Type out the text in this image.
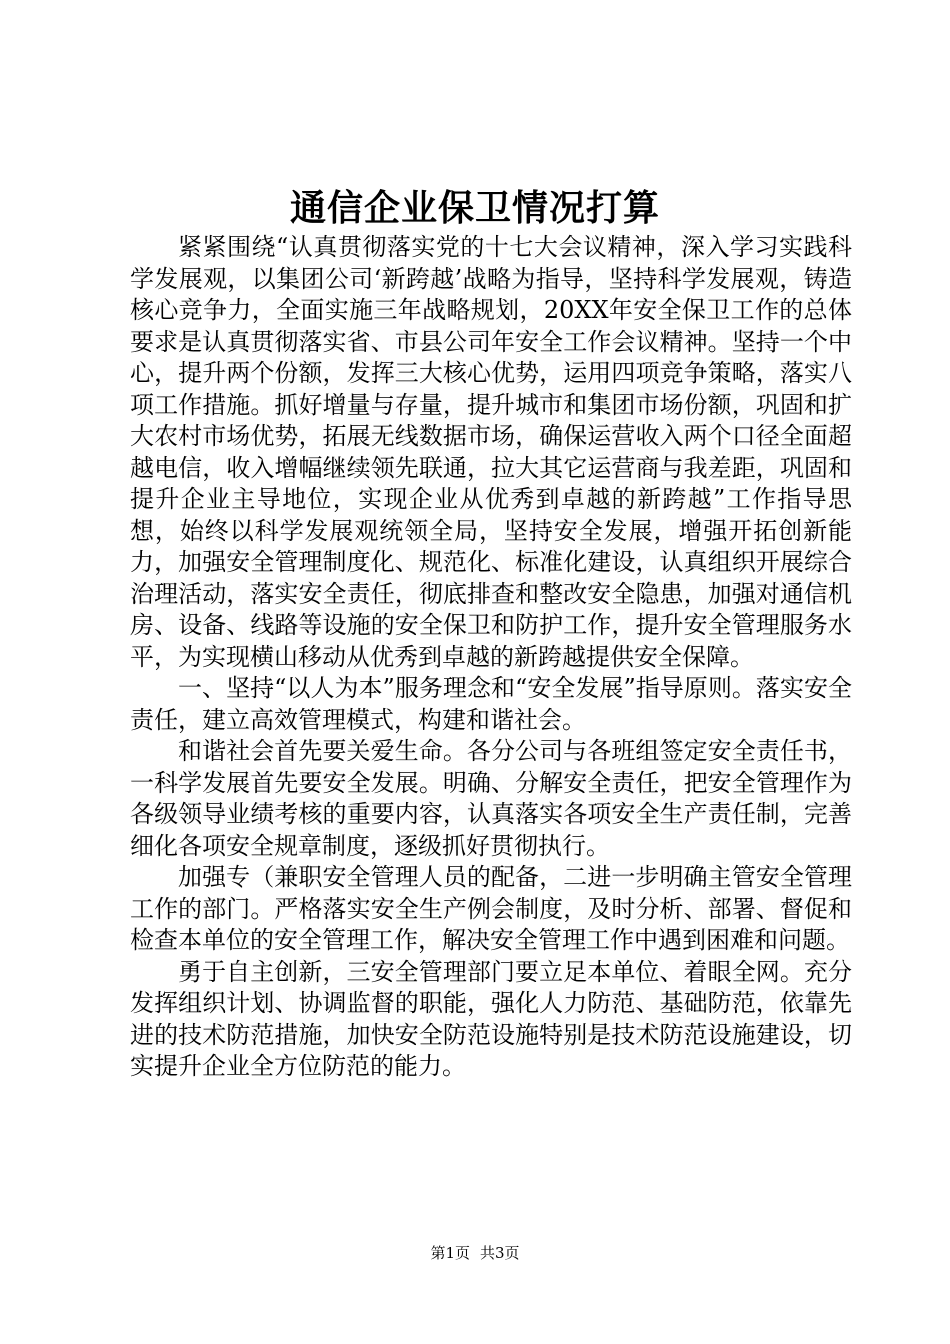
通信企业保卫情况打算

紧紧围绕“认真贯彻落实党的十七大会议精神，深入学习实践科学发展观，以集团公司‘新跨越’战略为指导，坚持科学发展观，铸造核心竞争力，全面实施三年战略规划，20XX年安全保卫工作的总体要求是认真贯彻落实省、市县公司年安全工作会议精神。坚持一个中心，提升两个份额，发挥三大核心优势，运用四项竞争策略，落实八项工作措施。抓好增量与存量，提升城市和集团市场份额，巩固和扩大农村市场优势，拓展无线数据市场，确保运营收入两个口径全面超越电信，收入增幅继续领先联通，拉大其它运营商与我差距，巩固和提升企业主导地位，实现企业从优秀到卓越的新跨越”工作指导思想，始终以科学发展观统领全局，坚持安全发展，增强开拓创新能力，加强安全管理制度化、规范化、标准化建设，认真组织开展综合治理活动，落实安全责任，彻底排查和整改安全隐患，加强对通信机房、设备、线路等设施的安全保卫和防护工作，提升安全管理服务水平，为实现横山移动从优秀到卓越的新跨越提供安全保障。

一、坚持“以人为本”服务理念和“安全发展”指导原则。落实安全责任，建立高效管理模式，构建和谐社会。

和谐社会首先要关爱生命。各分公司与各班组签定安全责任书，一科学发展首先要安全发展。明确、分解安全责任，把安全管理作为各级领导业绩考核的重要内容，认真落实各项安全生产责任制，完善细化各项安全规章制度，逐级抓好贯彻执行。

加强专（兼职安全管理人员的配备，二进一步明确主管安全管理工作的部门。严格落实安全生产例会制度，及时分析、部署、督促和检查本单位的安全管理工作，解决安全管理工作中遇到困难和问题。

勇于自主创新，三安全管理部门要立足本单位、着眼全网。充分发挥组织计划、协调监督的职能，强化人力防范、基础防范，依靠先进的技术防范措施，加快安全防范设施特别是技术防范设施建设，切实提升企业全方位防范的能力。

第1页 共3页
